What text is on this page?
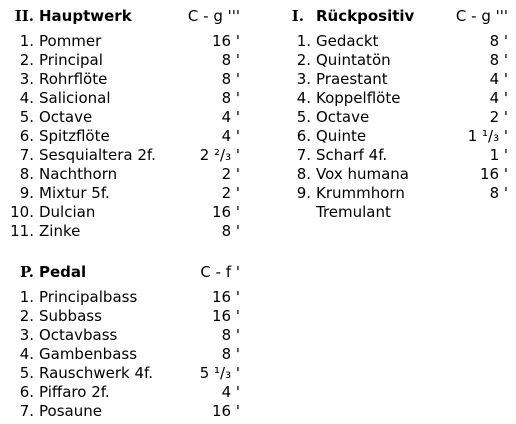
II. Hauptwerk	C - g '''
1. Pommer	16 '
2. Principal	8 '
3. Rohrflöte	8 '
4. Salicional	8 '
5. Octave	4 '
6. Spitzflöte	4 '
7. Sesquialtera 2f.	2 ²/₃ '
8. Nachthorn	2 '
9. Mixtur 5f.	2 '
10. Dulcian	16 '
11. Zinke	8 '
I. Rückpositiv	C - g '''
1. Gedackt	8 '
2. Quintatön	8 '
3. Praestant	4 '
4. Koppelflöte	4 '
5. Octave	2 '
6. Quinte	1 ¹/₃ '
7. Scharf 4f.	1 '
8. Vox humana	16 '
9. Krummhorn	8 '
Tremulant
P. Pedal	C - f '
1. Principalbass	16 '
2. Subbass	16 '
3. Octavbass	8 '
4. Gambenbass	8 '
5. Rauschwerk 4f.	5 ¹/₃ '
6. Piffaro 2f.	4 '
7. Posaune	16 '
